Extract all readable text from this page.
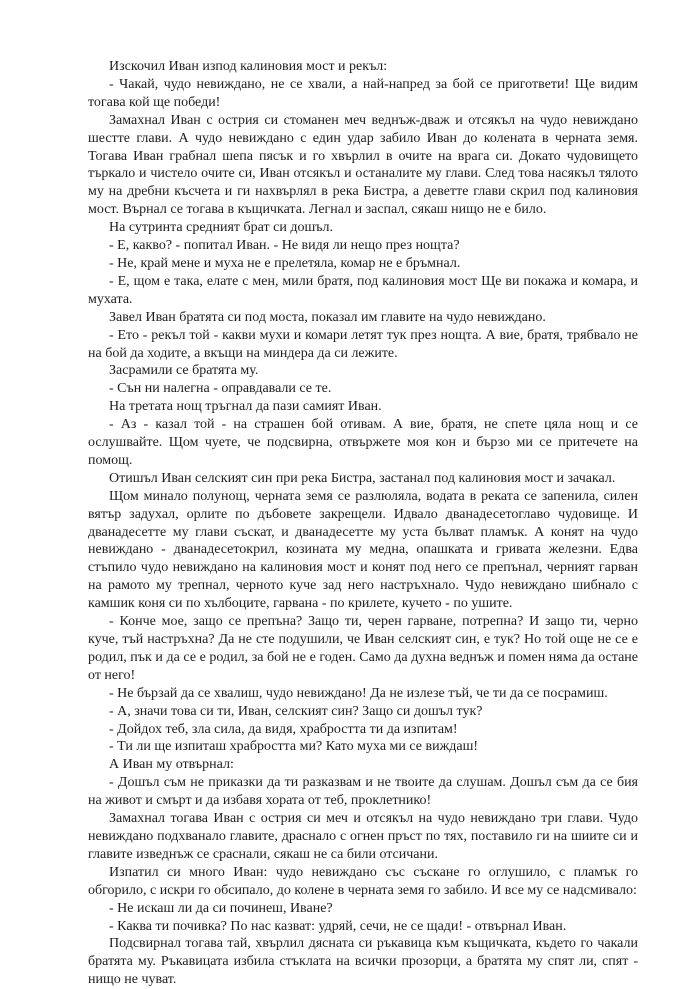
Изскочил Иван изпод калиновия мост и рекъл:

- Чакай, чудо невиждано, не се хвали, а най-напред за бой се пригответи! Ще видим тогава кой ще победи!

Замахнал Иван с острия си стоманен меч веднъж-дваж и отсякъл на чудо невиждано шестте глави. А чудо невиждано с един удар забило Иван до колената в черната земя. Тогава Иван грабнал шепа пясък и го хвърлил в очите на врага си. Докато чудовището търкало и чистело очите си, Иван отсякъл и останалите му глави. След това насякъл тялото му на дребни късчета и ги нахвърлял в река Бистра, а деветте глави скрил под калиновия мост. Върнал се тогава в къщичката. Легнал и заспал, сякаш нищо не е било.

На сутринта средният брат си дошъл.

- Е, какво? - попитал Иван. - Не видя ли нещо през нощта?

- Не, край мене и муха не е прелетяла, комар не е бръмнал.

- Е, щом е така, елате с мен, мили братя, под калиновия мост Ще ви покажа и комара, и мухата.

Завел Иван братята си под моста, показал им главите на чудо невиждано.

- Ето - рекъл той - какви мухи и комари летят тук през нощта. А вие, братя, трябвало не на бой да ходите, а вкъщи на миндера да си лежите.

Засрамили се братята му.

- Сън ни налегна - оправдавали се те.

На третата нощ тръгнал да пази самият Иван.

- Аз - казал той - на страшен бой отивам. А вие, братя, не спете цяла нощ и се ослушвайте. Щом чуете, че подсвирна, отвържете моя кон и бързо ми се притечете на помощ.

Отишъл Иван селският син при река Бистра, застанал под калиновия мост и зачакал.

Щом минало полунощ, черната земя се разлюляла, водата в реката се запенила, силен вятър задухал, орлите по дъбовете закрещели. Идвало дванадесетоглаво чудовище. И дванадесетте му глави съскат, и дванадесетте му уста бълват пламък. А конят на чудо невиждано - дванадесетокрил, козината му медна, опашката и гривата железни. Едва стъпило чудо невиждано на калиновия мост и конят под него се препънал, черният гарван на рамото му трепнал, черното куче зад него настръхнало. Чудо невиждано шибнало с камшик коня си по хълбоците, гарвана - по крилете, кучето - по ушите.

- Конче мое, защо се препъна? Защо ти, черен гарване, потрепна? И защо ти, черно куче, тъй настръхна? Да не сте подушили, че Иван селският син, е тук? Но той още не се е родил, пък и да се е родил, за бой не е годен. Само да духна веднъж и помен няма да остане от него!

- Не бързай да се хвалиш, чудо невиждано! Да не излезе тъй, че ти да се посрамиш.

- А, значи това си ти, Иван, селският син? Защо си дошъл тук?

- Дойдох теб, зла сила, да видя, храбростта ти да изпитам!

- Ти ли ще изпиташ храбростта ми? Като муха ми се виждаш!

А Иван му отвърнал:

- Дошъл съм не приказки да ти разказвам и не твоите да слушам. Дошъл съм да се бия на живот и смърт и да избавя хората от теб, проклетнико!

Замахнал тогава Иван с острия си меч и отсякъл на чудо невиждано три глави. Чудо невиждано подхванало главите, драснало с огнен пръст по тях, поставило ги на шиите си и главите изведнъж се сраснали, сякаш не са били отсичани.

Изпатил си много Иван: чудо невиждано със съскане го оглушило, с пламък го обгорило, с искри го обсипало, до колене в черната земя го забило. И все му се надсмивало:

- Не искаш ли да си починеш, Иване?

- Каква ти почивка? По нас казват: удряй, сечи, не се щади! - отвърнал Иван.

Подсвирнал тогава тай, хвърлил дясната си ръкавица към къщичката, където го чакали братята му. Ръкавицата избила стъклата на всички прозорци, а братята му спят ли, спят - нищо не чуват.
